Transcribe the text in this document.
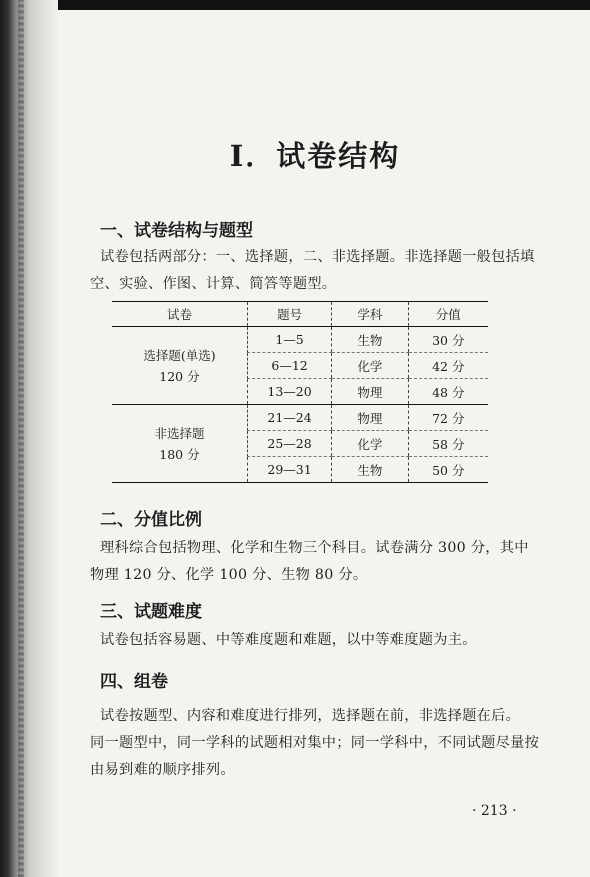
I．试卷结构
一、试卷结构与题型
试卷包括两部分：一、选择题，二、非选择题。非选择题一般包括填
空、实验、作图、计算、简答等题型。
试卷	题号	学科	分值

选择题(单选)
120 分	1—5	生物	30 分
	6—12	化学	42 分
	13—20	物理	48 分

非选择题
180 分	21—24	物理	72 分
	25—28	化学	58 分
	29—31	生物	50 分
二、分值比例
理科综合包括物理、化学和生物三个科目。试卷满分 300 分，其中
物理 120 分、化学 100 分、生物 80 分。
三、试题难度
试卷包括容易题、中等难度题和难题，以中等难度题为主。
四、组卷
试卷按题型、内容和难度进行排列，选择题在前，非选择题在后。
同一题型中，同一学科的试题相对集中；同一学科中，不同试题尽量按
由易到难的顺序排列。
· 213 ·
